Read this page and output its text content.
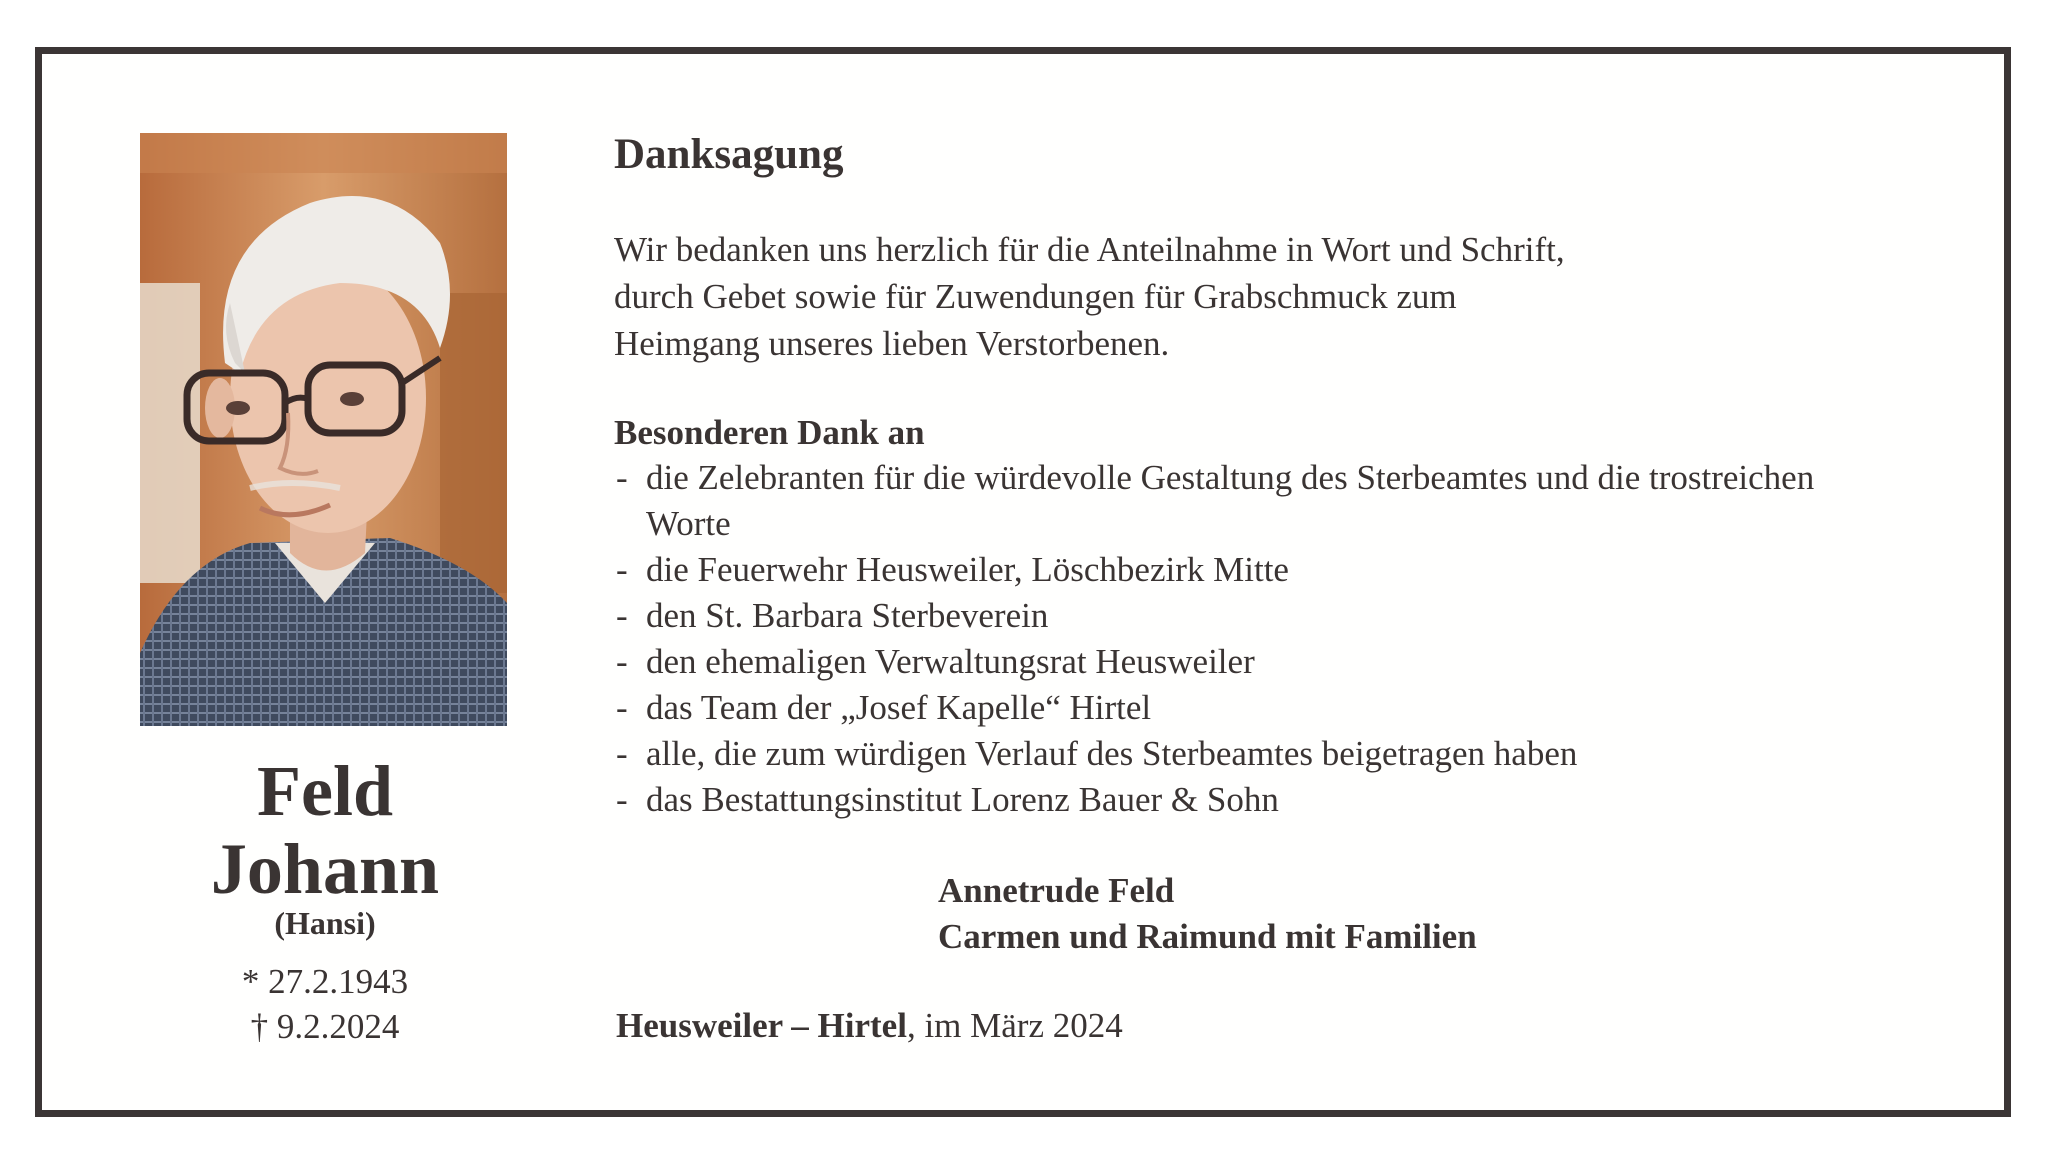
Feld
Johann
(Hansi)
* 27.2.1943
† 9.2.2024
Danksagung
Wir bedanken uns herzlich für die Anteilnahme in Wort und Schrift,
durch Gebet sowie für Zuwendungen für Grabschmuck zum
Heimgang unseres lieben Verstorbenen.
Besonderen Dank an
- die Zelebranten für die würdevolle Gestaltung des Sterbeamtes und die trostreichen Worte
- die Feuerwehr Heusweiler, Löschbezirk Mitte
- den St. Barbara Sterbeverein
- den ehemaligen Verwaltungsrat Heusweiler
- das Team der „Josef Kapelle“ Hirtel
- alle, die zum würdigen Verlauf des Sterbeamtes beigetragen haben
- das Bestattungsinstitut Lorenz Bauer & Sohn
Annetrude Feld
Carmen und Raimund mit Familien
Heusweiler – Hirtel, im März 2024
